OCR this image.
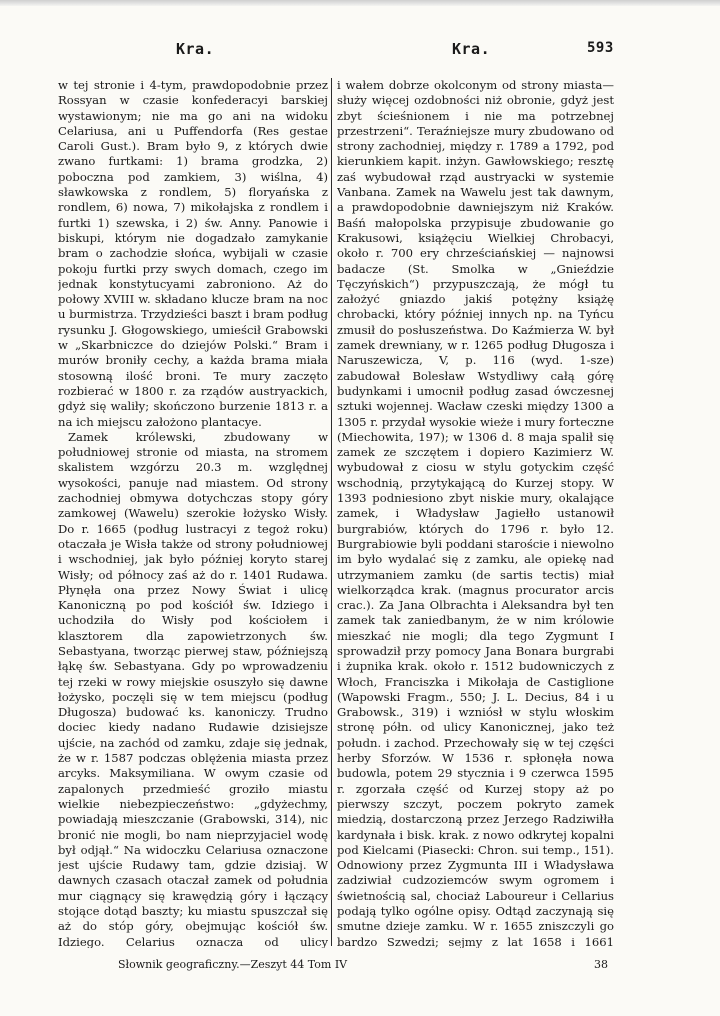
Kra.	Kra.	593

w tej stronie i 4-tym, prawdopodobnie przez Rossyan w czasie konfederacyi barskiej wystawionym; nie ma go ani na widoku Celariusa, ani u Puffendorfa (Res gestae Caroli Gust.). Bram było 9, z których dwie zwano furtkami: 1) brama grodzka, 2) poboczna pod zamkiem, 3) wiślna, 4) sławkowska z rondlem, 5) floryańska z rondlem, 6) nowa, 7) mikołajska z rondlem i furtki 1) szewska, i 2) św. Anny. Panowie i biskupi, którym nie dogadzało zamykanie bram o zachodzie słońca, wybijali w czasie pokoju furtki przy swych domach, czego im jednak konstytucyami zabroniono. Aż do połowy XVIII w. składano klucze bram na noc u burmistrza. Trzydzieści baszt i bram podług rysunku J. Głogowskiego, umieścił Grabowski w „Skarbniczce do dziejów Polski.“ Bram i murów broniły cechy, a każda brama miała stosowną ilość broni. Te mury zaczęto rozbierać w 1800 r. za rządów austryackich, gdyż się waliły; skończono burzenie 1813 r. a na ich miejscu założono plantacye.

Zamek królewski, zbudowany w południowej stronie od miasta, na stromem skalistem wzgórzu 20.3 m. względnej wysokości, panuje nad miastem. Od strony zachodniej obmywa dotychczas stopy góry zamkowej (Wawelu) szerokie łożysko Wisły. Do r. 1665 (podług lustracyi z tegoż roku) otaczała je Wisła także od strony południowej i wschodniej, jak było później koryto starej Wisły; od północy zaś aż do r. 1401 Rudawa. Płynęła ona przez Nowy Świat i ulicę Kanoniczną po pod kościół św. Idziego i uchodziła do Wisły pod kościołem i klasztorem dla zapowietrzonych św. Sebastyana, tworząc pierwej staw, późniejszą łąkę św. Sebastyana. Gdy po wprowadzeniu tej rzeki w rowy miejskie osuszyło się dawne łożysko, poczęli się w tem miejscu (podług Długosza) budować ks. kanoniczy. Trudno dociec kiedy nadano Rudawie dzisiejsze ujście, na zachód od zamku, zdaje się jednak, że w r. 1587 podczas oblężenia miasta przez arcyks. Maksymiliana. W owym czasie od zapalonych przedmieść groziło miastu wielkie niebezpieczeństwo: „gdyżechmy, powiadają mieszczanie (Grabowski, 314), nic bronić nie mogli, bo nam nieprzyjaciel wodę był odjął.“ Na widoczku Celariusa oznaczone jest ujście Rudawy tam, gdzie dzisiaj. W dawnych czasach otaczał zamek od południa mur ciągnący się krawędzią góry i łączący stojące dotąd baszty; ku miastu spuszczał się aż do stóp góry, obejmując kościół św. Idziego. Celarius oznacza od ulicy

i wałem dobrze okolconym od strony miasta—służy więcej ozdobności niż obronie, gdyż jest zbyt ścieśnionem i nie ma potrzebnej przestrzeni“. Teraźniejsze mury zbudowano od strony zachodniej, między r. 1789 a 1792, pod kierunkiem kapit. inżyn. Gawłowskiego; resztę zaś wybudował rząd austryacki w systemie Vanbana. Zamek na Wawelu jest tak dawnym, a prawdopodobnie dawniejszym niż Kraków. Baśń małopolska przypisuje zbudowanie go Krakusowi, książęciu Wielkiej Chrobacyi, około r. 700 ery chrześciańskiej — najnowsi badacze (St. Smolka w „Gnieździe Tęczyńskich“) przypuszczają, że mógł tu założyć gniazdo jakiś potężny książę chrobacki, który później innych np. na Tyńcu zmusił do posłuszeństwa. Do Kaźmierza W. był zamek drewniany, w r. 1265 podług Długosza i Naruszewicza, V, p. 116 (wyd. 1-sze) zabudował Bolesław Wstydliwy całą górę budynkami i umocnił podług zasad ówczesnej sztuki wojennej. Wacław czeski między 1300 a 1305 r. przydał wysokie wieże i mury forteczne (Miechowita, 197); w 1306 d. 8 maja spalił się zamek ze szczętem i dopiero Kazimierz W. wybudował z ciosu w stylu gotyckim część wschodnią, przytykającą do Kurzej stopy. W 1393 podniesiono zbyt niskie mury, okalające zamek, i Władysław Jagiełło ustanowił burgrabiów, których do 1796 r. było 12. Burgrabiowie byli poddani staroście i niewolno im było wydalać się z zamku, ale opiekę nad utrzymaniem zamku (de sartis tectis) miał wielkorządca krak. (magnus procurator arcis crac.). Za Jana Olbrachta i Aleksandra był ten zamek tak zaniedbanym, że w nim królowie mieszkać nie mogli; dla tego Zygmunt I sprowadził przy pomocy Jana Bonara burgrabi i żupnika krak. około r. 1512 budowniczych z Włoch, Franciszka i Mikołaja de Castiglione (Wapowski Fragm., 550; J. L. Decius, 84 i u Grabowsk., 319) i wzniósł w stylu włoskim stronę półn. od ulicy Kanonicznej, jako też połudn. i zachod. Przechowały się w tej części herby Sforzów. W 1536 r. spłonęła nowa budowla, potem 29 stycznia i 9 czerwca 1595 r. zgorzała część od Kurzej stopy aż po pierwszy szczyt, poczem pokryto zamek miedzią, dostarczoną przez Jerzego Radziwiłła kardynała i bisk. krak. z nowo odkrytej kopalni pod Kielcami (Piasecki: Chron. sui temp., 151). Odnowiony przez Zygmunta III i Władysława zadziwiał cudzoziemców swym ogromem i świetnością sal, chociaż Laboureur i Cellarius podają tylko ogólne opisy. Odtąd zaczynają się smutne dzieje zamku. W r. 1655 zniszczyli go bardzo Szwedzi; sejmy z lat 1658 i 1661

Słownik geograficzny.—Zeszyt 44 Tom IV	38
